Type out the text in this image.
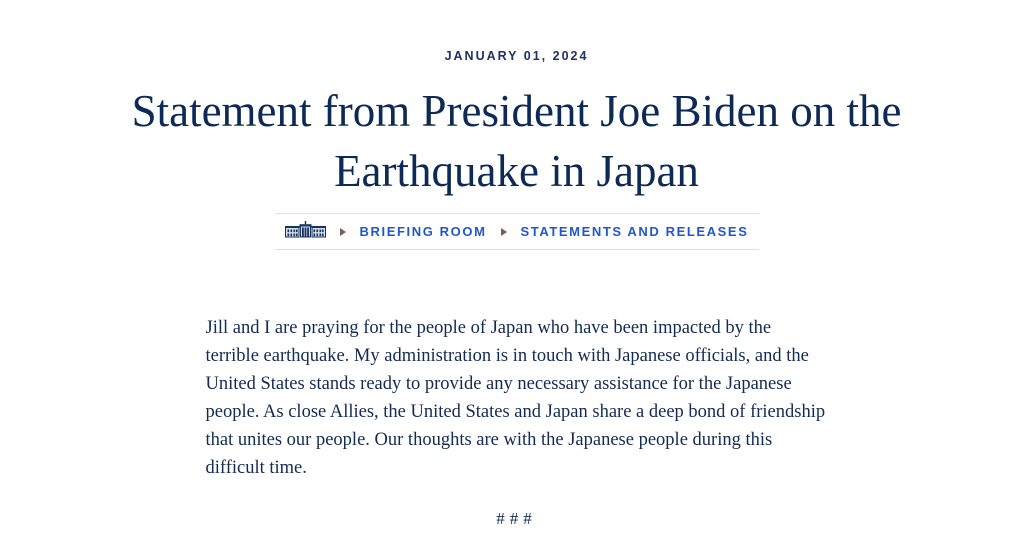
JANUARY 01, 2024
Statement from President Joe Biden on the Earthquake in Japan
BRIEFING ROOM	STATEMENTS AND RELEASES

Jill and I are praying for the people of Japan who have been impacted by the terrible earthquake. My administration is in touch with Japanese officials, and the United States stands ready to provide any necessary assistance for the Japanese people. As close Allies, the United States and Japan share a deep bond of friendship that unites our people. Our thoughts are with the Japanese people during this difficult time.

###
